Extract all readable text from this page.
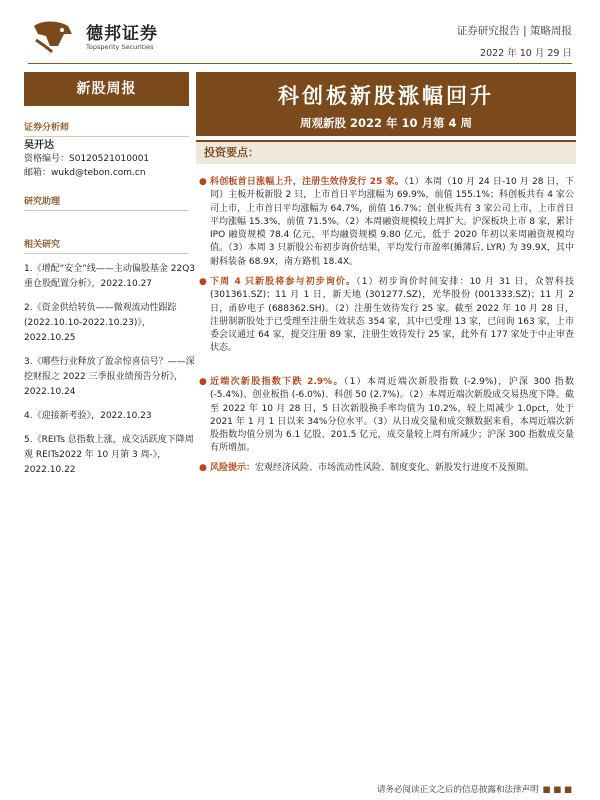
德邦证券
Topsperity Securities
证券研究报告 | 策略周报
2022 年 10 月 29 日
新股周报
证券分析师
吴开达
资格编号：S0120521010001
邮箱：wukd@tebon.com.cn
研究助理
相关研究
1.《增配“安全”线——主动偏股基金 22Q3 重仓股配置分析》，2022.10.27
2.《资金供给转负——微观流动性跟踪(2022.10.10-2022.10.23)》，2022.10.25
3.《哪些行业释放了盈余惊喜信号？——深挖财报之 2022 三季报业绩预告分析》，2022.10.24
4.《迎接新考验》，2022.10.23
5.《REITs 总指数上涨，成交活跃度下降周观 REITs2022 年 10 月第 3 周-》，2022.10.22
科创板新股涨幅回升
周观新股 2022 年 10 月第 4 周
投资要点：
● 科创板首日涨幅上升，注册生效待发行 25 家。（1）本周（10 月 24 日-10 月 28 日，下同）主板开板新股 2 只，上市首日平均涨幅为 69.9%，前值 155.1%；科创板共有 4 家公司上市，上市首日平均涨幅为 64.7%，前值 16.7%；创业板共有 3 家公司上市，上市首日平均涨幅 15.3%，前值 71.5%。（2）本周融资规模较上周扩大。沪深板块上市 8 家，累计 IPO 融资规模 78.4 亿元，平均融资规模 9.80 亿元，低于 2020 年初以来周融资规模均值。（3）本周 3 只新股公布初步询价结果，平均发行市盈率(摊薄后, LYR) 为 39.9X，其中 耐科装备 68.9X，南方路机 18.4X。
● 下周 4 只新股将参与初步询价。（1）初步询价时间安排：10 月 31 日，众智科技 (301361.SZ)；11 月 1 日，新天地 (301277.SZ)，光华股份 (001333.SZ)；11 月 2 日，甬矽电子 (688362.SH)。（2）注册生效待发行 25 家。截至 2022 年 10 月 28 日，注册制新股处于已受理至注册生效状态 354 家，其中已受理 13 家，已问询 163 家，上市委会议通过 64 家，提交注册 89 家，注册生效待发行 25 家，此外有 177 家处于中止审查状态。
● 近端次新股指数下跌 2.9%。（1）本周近端次新股指数 (-2.9%)，沪深 300 指数 (-5.4%)、创业板指 (-6.0%)、科创 50 (2.7%)。（2）本周近端次新股成交易热度下降。截至 2022 年 10 月 28 日，5 日次新股换手率均值为 10.2%，较上周减少 1.0pct，处于 2021 年 1 月 1 日以来 34%分位水平。（3）从日成交量和成交额数据来看，本周近端次新股指数均值分别为 6.1 亿股、201.5 亿元，成交量较上周有所减少；沪深 300 指数成交量有所增加。
● 风险提示：宏观经济风险、市场流动性风险、制度变化、新股发行进度不及预期。
请务必阅读正文之后的信息披露和法律声明 ■ ■ ■
